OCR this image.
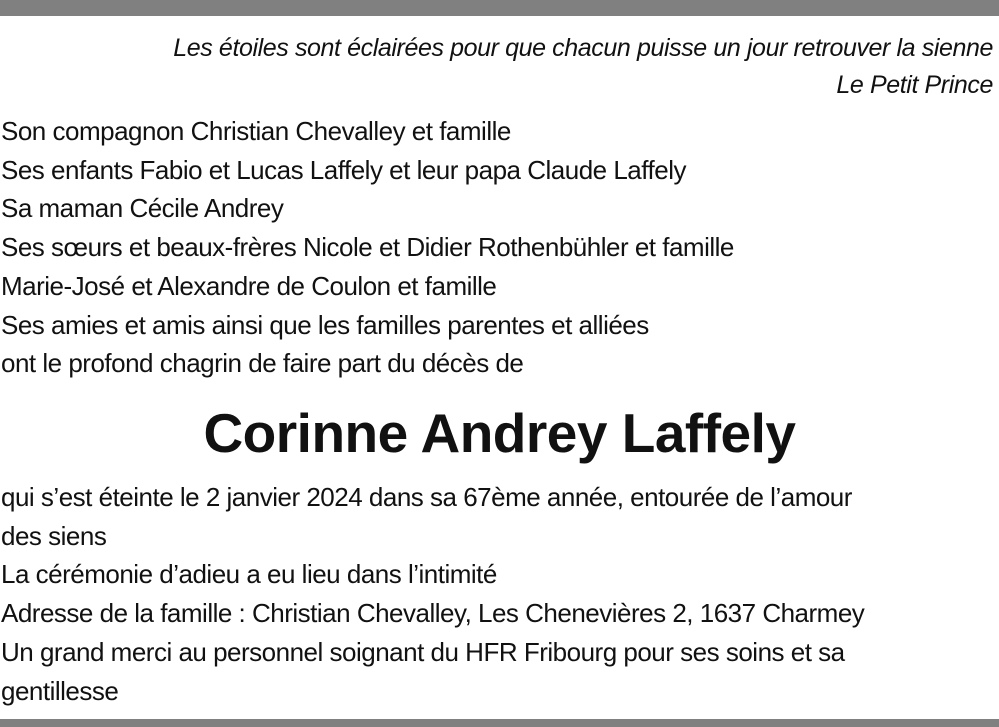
Les étoiles sont éclairées pour que chacun puisse un jour retrouver la sienne
Le Petit Prince
Son compagnon Christian Chevalley et famille
Ses enfants Fabio et Lucas Laffely et leur papa Claude Laffely
Sa maman Cécile Andrey
Ses sœurs et beaux-frères Nicole et Didier Rothenbühler et famille
Marie-José et Alexandre de Coulon et famille
Ses amies et amis ainsi que les familles parentes et alliées
ont le profond chagrin de faire part du décès de
Corinne Andrey Laffely
qui s’est éteinte le 2 janvier 2024 dans sa 67ème année, entourée de l’amour
des siens
La cérémonie d’adieu a eu lieu dans l’intimité
Adresse de la famille : Christian Chevalley, Les Chenevières 2, 1637 Charmey
Un grand merci au personnel soignant du HFR Fribourg pour ses soins et sa
gentillesse
